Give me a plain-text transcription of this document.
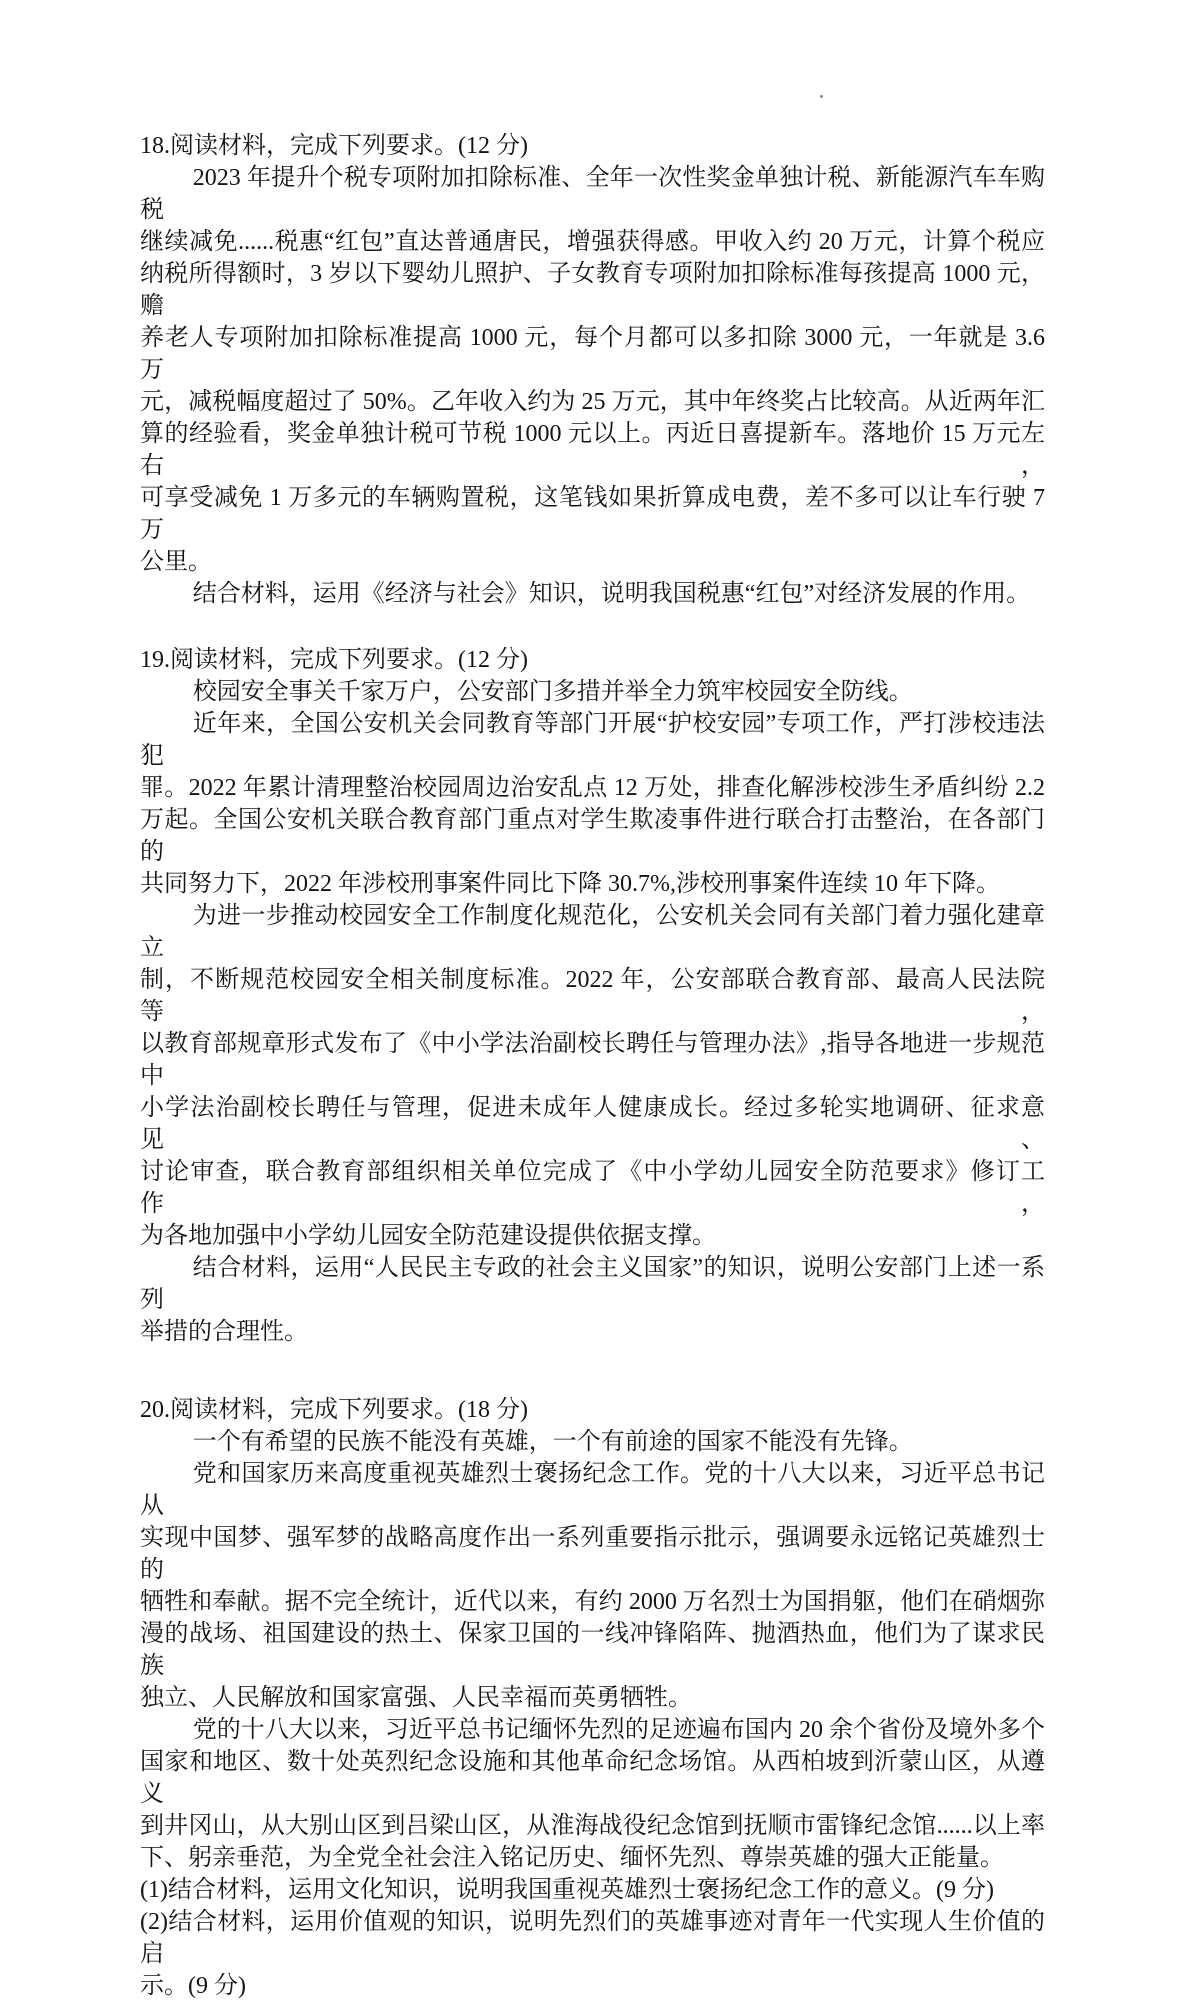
18.阅读材料，完成下列要求。(12 分)
2023 年提升个税专项附加扣除标准、全年一次性奖金单独计税、新能源汽车车购税
继续减免......税惠“红包”直达普通唐民，增强获得感。甲收入约 20 万元，计算个税应
纳税所得额时，3 岁以下婴幼儿照护、子女教育专项附加扣除标准每孩提高 1000 元，赡
养老人专项附加扣除标准提高 1000 元，每个月都可以多扣除 3000 元，一年就是 3.6 万
元，减税幅度超过了 50%。乙年收入约为 25 万元，其中年终奖占比较高。从近两年汇
算的经验看，奖金单独计税可节税 1000 元以上。丙近日喜提新车。落地价 15 万元左右，
可享受减免 1 万多元的车辆购置税，这笔钱如果折算成电费，差不多可以让车行驶 7 万
公里。
结合材料，运用《经济与社会》知识，说明我国税惠“红包”对经济发展的作用。
19.阅读材料，完成下列要求。(12 分)
校园安全事关千家万户，公安部门多措并举全力筑牢校园安全防线。
近年来，全国公安机关会同教育等部门开展“护校安园”专项工作，严打涉校违法犯
罪。2022 年累计清理整治校园周边治安乱点 12 万处，排查化解涉校涉生矛盾纠纷 2.2
万起。全国公安机关联合教育部门重点对学生欺凌事件进行联合打击整治，在各部门的
共同努力下，2022 年涉校刑事案件同比下降 30.7%,涉校刑事案件连续 10 年下降。
为进一步推动校园安全工作制度化规范化，公安机关会同有关部门着力强化建章立
制，不断规范校园安全相关制度标准。2022 年，公安部联合教育部、最高人民法院等，
以教育部规章形式发布了《中小学法治副校长聘任与管理办法》,指导各地进一步规范中
小学法治副校长聘任与管理，促进未成年人健康成长。经过多轮实地调研、征求意见、
讨论审查，联合教育部组织相关单位完成了《中小学幼儿园安全防范要求》修订工作，
为各地加强中小学幼儿园安全防范建设提供依据支撑。
结合材料，运用“人民民主专政的社会主义国家”的知识，说明公安部门上述一系列
举措的合理性。
20.阅读材料，完成下列要求。(18 分)
一个有希望的民族不能没有英雄，一个有前途的国家不能没有先锋。
党和国家历来高度重视英雄烈士褒扬纪念工作。党的十八大以来，习近平总书记从
实现中国梦、强军梦的战略高度作出一系列重要指示批示，强调要永远铭记英雄烈士的
牺牲和奉献。据不完全统计，近代以来，有约 2000 万名烈士为国捐躯，他们在硝烟弥
漫的战场、祖国建设的热土、保家卫国的一线冲锋陷阵、抛酒热血，他们为了谋求民族
独立、人民解放和国家富强、人民幸福而英勇牺牲。
党的十八大以来，习近平总书记缅怀先烈的足迹遍布国内 20 余个省份及境外多个
国家和地区、数十处英烈纪念设施和其他革命纪念场馆。从西柏坡到沂蒙山区，从遵义
到井冈山，从大别山区到吕梁山区，从淮海战役纪念馆到抚顺市雷锋纪念馆......以上率
下、躬亲垂范，为全党全社会注入铭记历史、缅怀先烈、尊崇英雄的强大正能量。
(1)结合材料，运用文化知识，说明我国重视英雄烈士褒扬纪念工作的意义。(9 分)
(2)结合材料，运用价值观的知识，说明先烈们的英雄事迹对青年一代实现人生价值的启
示。(9 分)
